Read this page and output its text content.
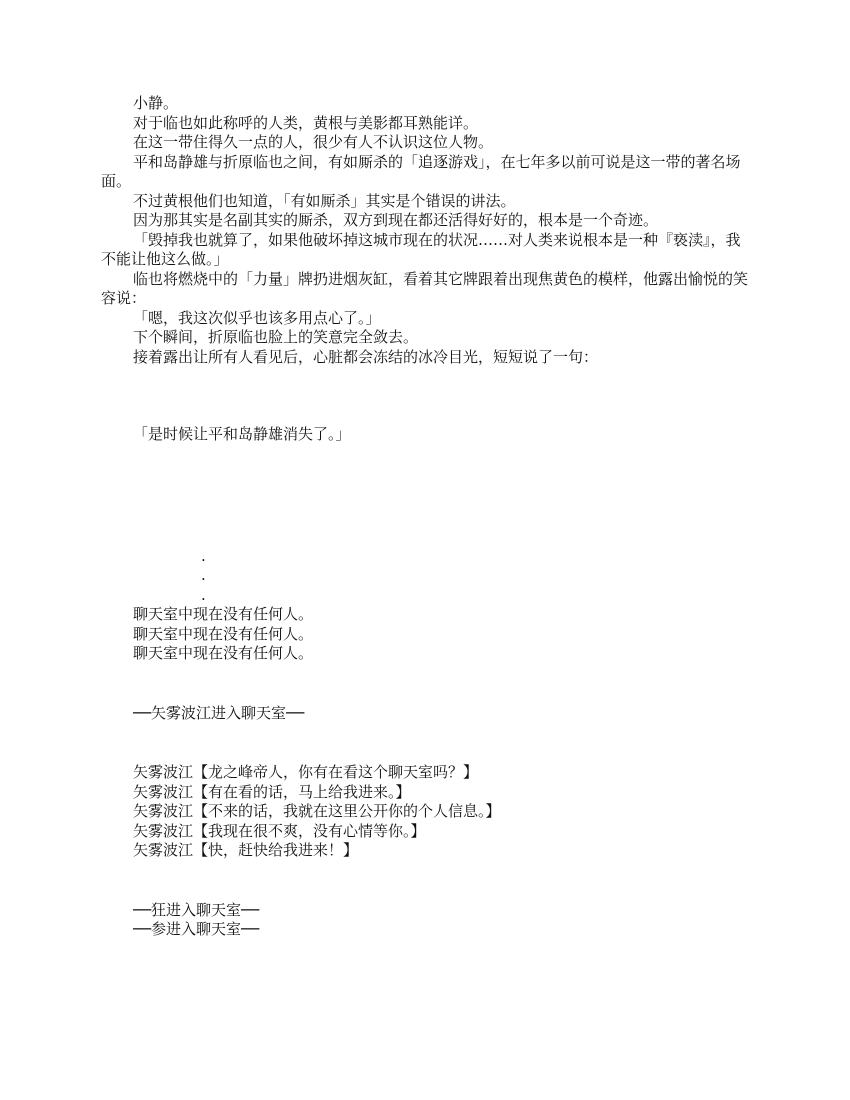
小静。

对于临也如此称呼的人类，黄根与美影都耳熟能详。

在这一带住得久一点的人，很少有人不认识这位人物。

平和岛静雄与折原临也之间，有如厮杀的「追逐游戏」，在七年多以前可说是这一带的著名场面。

不过黄根他们也知道，「有如厮杀」其实是个错误的讲法。

因为那其实是名副其实的厮杀，双方到现在都还活得好好的，根本是一个奇迹。

「毁掉我也就算了，如果他破坏掉这城市现在的状况……对人类来说根本是一种『亵渎』，我不能让他这么做。」

临也将燃烧中的「力量」牌扔进烟灰缸，看着其它牌跟着出现焦黄色的模样，他露出愉悦的笑容说：

「嗯，我这次似乎也该多用点心了。」

下个瞬间，折原临也脸上的笑意完全敛去。

接着露出让所有人看见后，心脏都会冻结的冰冷目光，短短说了一句：

「是时候让平和岛静雄消失了。」

.

.

.

聊天室中现在没有任何人。

聊天室中现在没有任何人。

聊天室中现在没有任何人。

──矢雾波江进入聊天室──

矢雾波江【龙之峰帝人，你有在看这个聊天室吗？】

矢雾波江【有在看的话，马上给我进来。】

矢雾波江【不来的话，我就在这里公开你的个人信息。】

矢雾波江【我现在很不爽，没有心情等你。】

矢雾波江【快，赶快给我进来！】

──狂进入聊天室──

──参进入聊天室──
